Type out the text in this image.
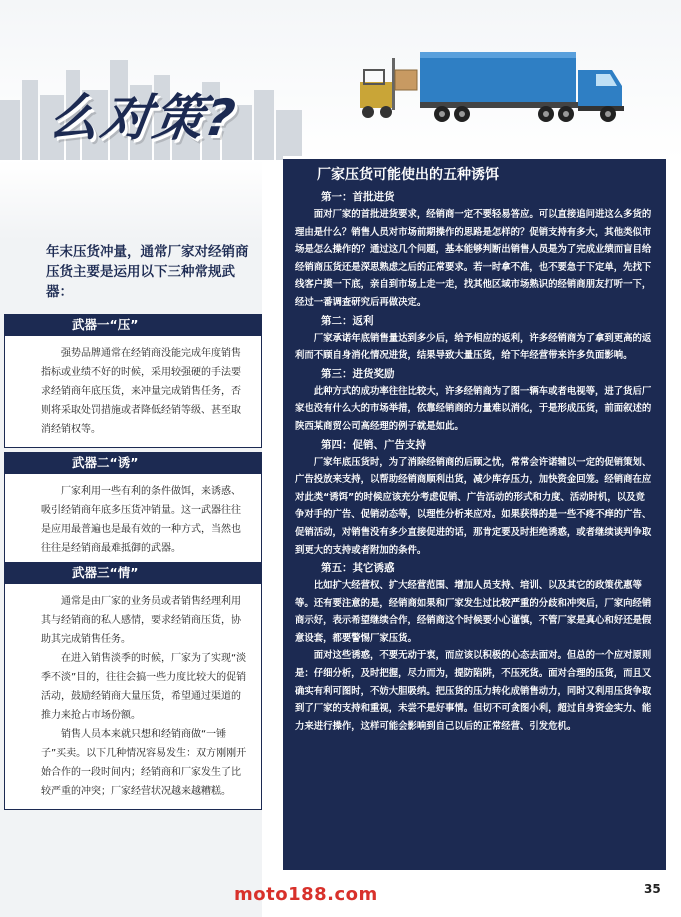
么对策?
年末压货冲量，通常厂家对经销商压货主要是运用以下三种常规武器：
武器一“压”

强势品牌通常在经销商没能完成年度销售指标或业绩不好的时候，采用较强硬的手法要求经销商年底压货，来冲量完成销售任务，否则将采取处罚措施或者降低经销等级、甚至取消经销权等。

武器二“诱”

厂家利用一些有利的条件做饵，来诱惑、吸引经销商年底多压货冲销量。这一武器往往是应用最普遍也是最有效的一种方式，当然也往往是经销商最难抵御的武器。

武器三“情”

通常是由厂家的业务员或者销售经理利用其与经销商的私人感情，要求经销商压货，协助其完成销售任务。

在进入销售淡季的时候，厂家为了实现“淡季不淡”目的，往往会搞一些力度比较大的促销活动，鼓励经销商大量压货，希望通过渠道的推力来抢占市场份额。

销售人员本来就只想和经销商做“一锤子”买卖。以下几种情况容易发生：双方刚刚开始合作的一段时间内；经销商和厂家发生了比较严重的冲突；厂家经营状况越来越糟糕。

厂家压货可能使出的五种诱饵
第一：首批进货

面对厂家的首批进货要求，经销商一定不要轻易答应。可以直接追问进这么多货的理由是什么？销售人员对市场前期操作的思路是怎样的？促销支持有多大，其他类似市场是怎么操作的？通过这几个问题，基本能够判断出销售人员是为了完成业绩而盲目给经销商压货还是深思熟虑之后的正常要求。若一时拿不准，也不要急于下定单，先找下线客户摸一下底，亲自到市场上走一走，找其他区域市场熟识的经销商朋友打听一下，经过一番调查研究后再做决定。

第二：返利

厂家承诺年底销售量达到多少后，给予相应的返利，许多经销商为了拿到更高的返利而不顾自身消化情况进货，结果导致大量压货，给下年经营带来许多负面影响。

第三：进货奖励

此种方式的成功率往往比较大，许多经销商为了图一辆车或者电视等，进了货后厂家也没有什么大的市场举措，依靠经销商的力量难以消化，于是形成压货，前面叙述的陕西某商贸公司高经理的例子就是如此。

第四：促销、广告支持

厂家年底压货时，为了消除经销商的后顾之忧，常常会许诺辅以一定的促销策划、广告投放来支持，以帮助经销商顺利出货，减少库存压力，加快资金回笼。经销商在应对此类“诱饵”的时候应该充分考虑促销、广告活动的形式和力度、活动时机，以及竞争对手的广告、促销动态等，以理性分析来应对。如果获得的是一些不疼不痒的广告、促销活动，对销售没有多少直接促进的话，那肯定要及时拒绝诱惑，或者继续谈判争取到更大的支持或者附加的条件。

第五：其它诱惑

比如扩大经营权、扩大经营范围、增加人员支持、培训、以及其它的政策优惠等等。还有要注意的是，经销商如果和厂家发生过比较严重的分歧和冲突后，厂家向经销商示好，表示希望继续合作，经销商这个时候要小心谨慎，不管厂家是真心和好还是假意设套，都要警惕厂家压货。

面对这些诱惑，不要无动于衷，而应该以积极的心态去面对。但总的一个应对原则是：仔细分析，及时把握，尽力而为，提防陷阱，不压死货。面对合理的压货，而且又确实有利可图时，不妨大胆吸纳。把压货的压力转化成销售动力，同时又利用压货争取到了厂家的支持和重视，未尝不是好事情。但切不可贪图小利，超过自身资金实力、能力来进行操作，这样可能会影响到自己以后的正常经营、引发危机。

moto188.com	35
